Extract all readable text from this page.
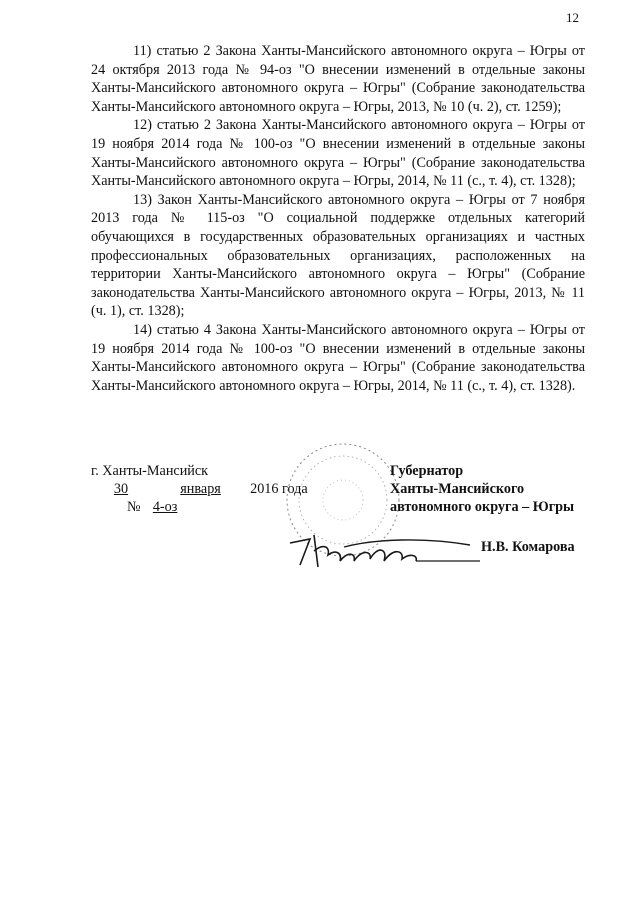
12

11) статью 2 Закона Ханты-Мансийского автономного округа – Югры от 24 октября 2013 года № 94-оз "О внесении изменений в отдельные законы Ханты-Мансийского автономного округа – Югры" (Собрание законодательства Ханты-Мансийского автономного округа – Югры, 2013, № 10 (ч. 2), ст. 1259);

12) статью 2 Закона Ханты-Мансийского автономного округа – Югры от 19 ноября 2014 года № 100-оз "О внесении изменений в отдельные законы Ханты-Мансийского автономного округа – Югры" (Собрание законодательства Ханты-Мансийского автономного округа – Югры, 2014, № 11 (с., т. 4), ст. 1328);

13) Закон Ханты-Мансийского автономного округа – Югры от 7 ноября 2013 года № 115-оз "О социальной поддержке отдельных категорий обучающихся в государственных образовательных организациях и частных профессиональных образовательных организациях, расположенных на территории Ханты-Мансийского автономного округа – Югры" (Собрание законодательства Ханты-Мансийского автономного округа – Югры, 2013, № 11 (ч. 1), ст. 1328);

14) статью 4 Закона Ханты-Мансийского автономного округа – Югры от 19 ноября 2014 года № 100-оз "О внесении изменений в отдельные законы Ханты-Мансийского автономного округа – Югры" (Собрание законодательства Ханты-Мансийского автономного округа – Югры, 2014, № 11 (с., т. 4), ст. 1328).

г. Ханты-Мансийск
30	января 2016 года
№ 4-оз
Губернатор
Ханты-Мансийского
автономного округа – Югры
Н.В. Комарова
